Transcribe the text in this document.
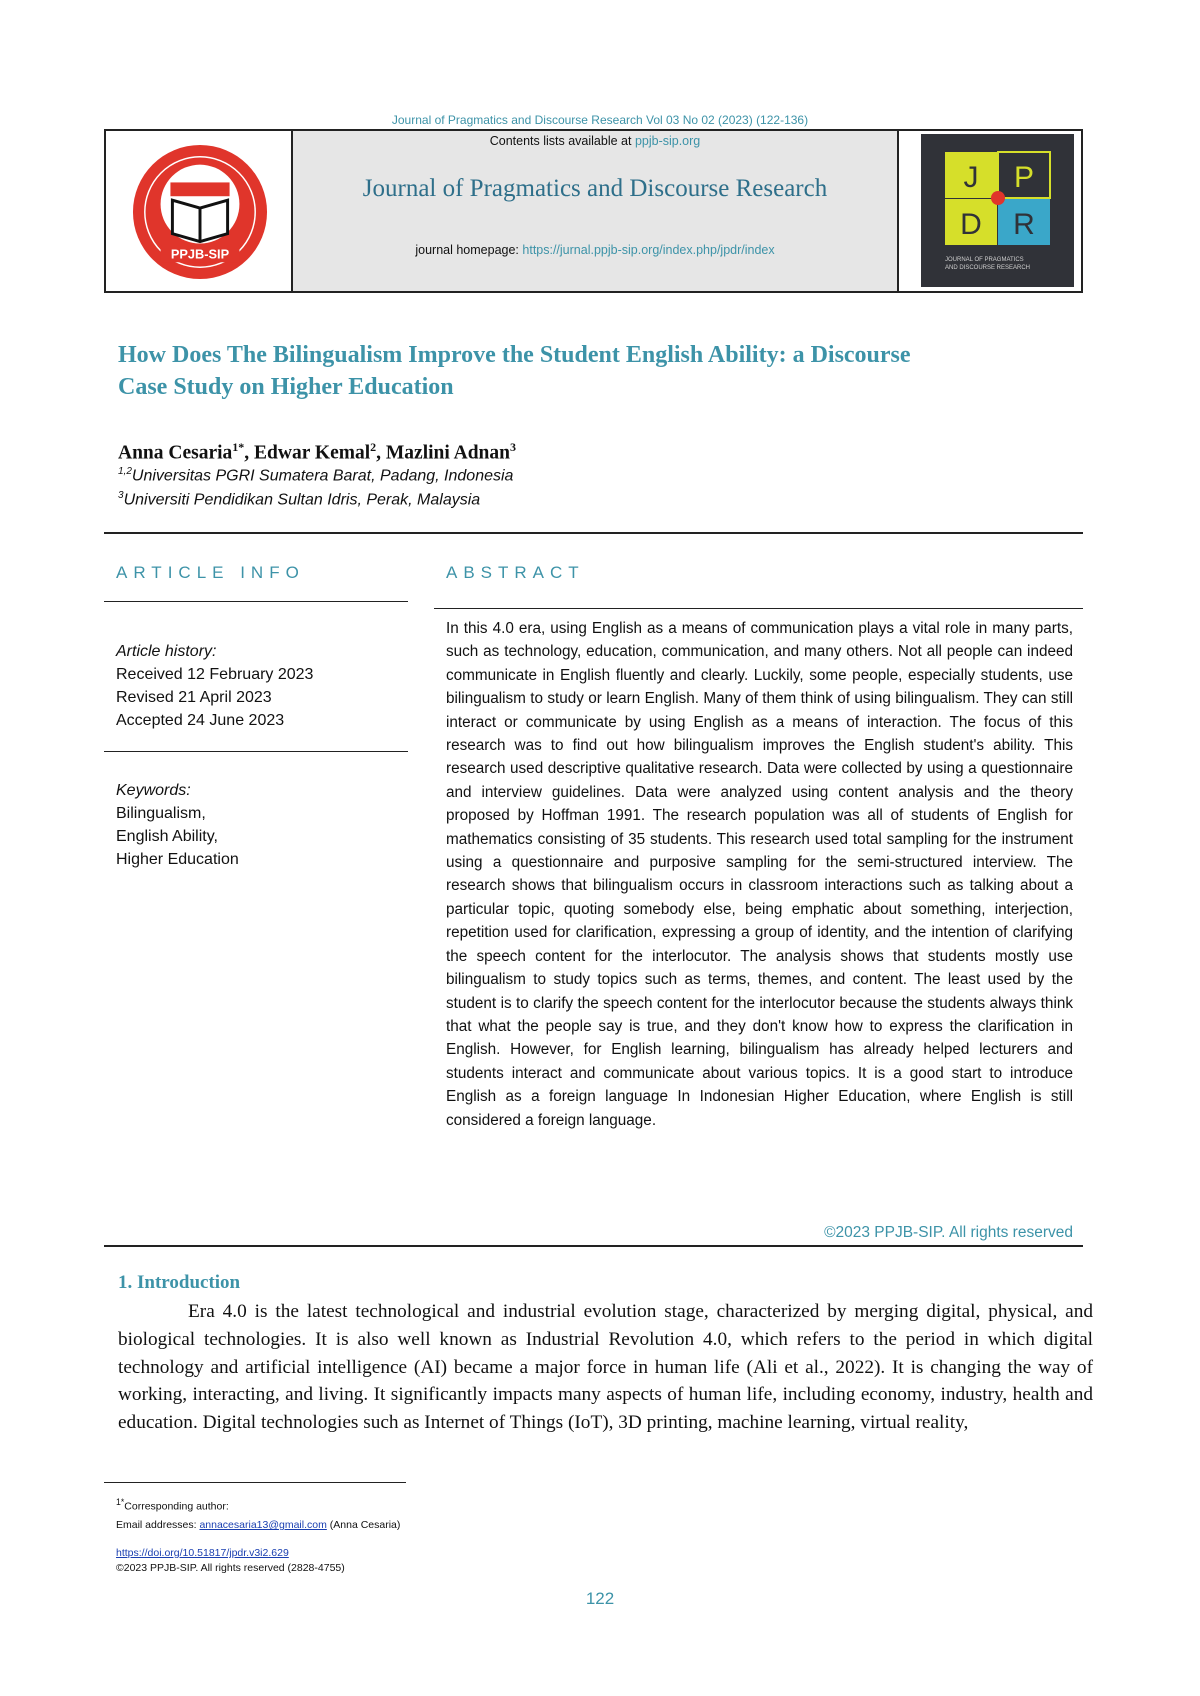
Journal of Pragmatics and Discourse Research Vol 03 No 02 (2023) (122-136)
PPJB-SIP
Contents lists available at ppjb-sip.org
Journal of Pragmatics and Discourse Research
journal homepage: https://jurnal.ppjb-sip.org/index.php/jpdr/index
J P
D R
JOURNAL OF PRAGMATICS
AND DISCOURSE RESEARCH
How Does The Bilingualism Improve the Student English Ability: a Discourse
Case Study on Higher Education
Anna Cesaria$^{1*}$, Edwar Kemal$^2$, Mazlini Adnan$^3$
$^{1,2}$Universitas PGRI Sumatera Barat, Padang, Indonesia
$^3$Universiti Pendidikan Sultan Idris, Perak, Malaysia
ARTICLE INFO	ABSTRACT
Article history:
Received 12 February 2023
Revised 21 April 2023
Accepted 24 June 2023
Keywords:
Bilingualism,
English Ability,
Higher Education
In this 4.0 era, using English as a means of communication plays a vital role in many parts, such as technology, education, communication, and many others. Not all people can indeed communicate in English fluently and clearly. Luckily, some people, especially students, use bilingualism to study or learn English. Many of them think of using bilingualism. They can still interact or communicate by using English as a means of interaction. The focus of this research was to find out how bilingualism improves the English student's ability. This research used descriptive qualitative research. Data were collected by using a questionnaire and interview guidelines. Data were analyzed using content analysis and the theory proposed by Hoffman 1991. The research population was all of students of English for mathematics consisting of 35 students. This research used total sampling for the instrument using a questionnaire and purposive sampling for the semi-structured interview. The research shows that bilingualism occurs in classroom interactions such as talking about a particular topic, quoting somebody else, being emphatic about something, interjection, repetition used for clarification, expressing a group of identity, and the intention of clarifying the speech content for the interlocutor. The analysis shows that students mostly use bilingualism to study topics such as terms, themes, and content. The least used by the student is to clarify the speech content for the interlocutor because the students always think that what the people say is true, and they don't know how to express the clarification in English. However, for English learning, bilingualism has already helped lecturers and students interact and communicate about various topics. It is a good start to introduce English as a foreign language In Indonesian Higher Education, where English is still considered a foreign language.
©2023 PPJB-SIP. All rights reserved
1. Introduction
Era 4.0 is the latest technological and industrial evolution stage, characterized by merging digital, physical, and biological technologies. It is also well known as Industrial Revolution 4.0, which refers to the period in which digital technology and artificial intelligence (AI) became a major force in human life (Ali et al., 2022). It is changing the way of working, interacting, and living. It significantly impacts many aspects of human life, including economy, industry, health and education. Digital technologies such as Internet of Things (IoT), 3D printing, machine learning, virtual reality,
$^{1*}$Corresponding author:
Email addresses: annacesaria13@gmail.com (Anna Cesaria)
https://doi.org/10.51817/jpdr.v3i2.629
©2023 PPJB-SIP. All rights reserved (2828-4755)
122
